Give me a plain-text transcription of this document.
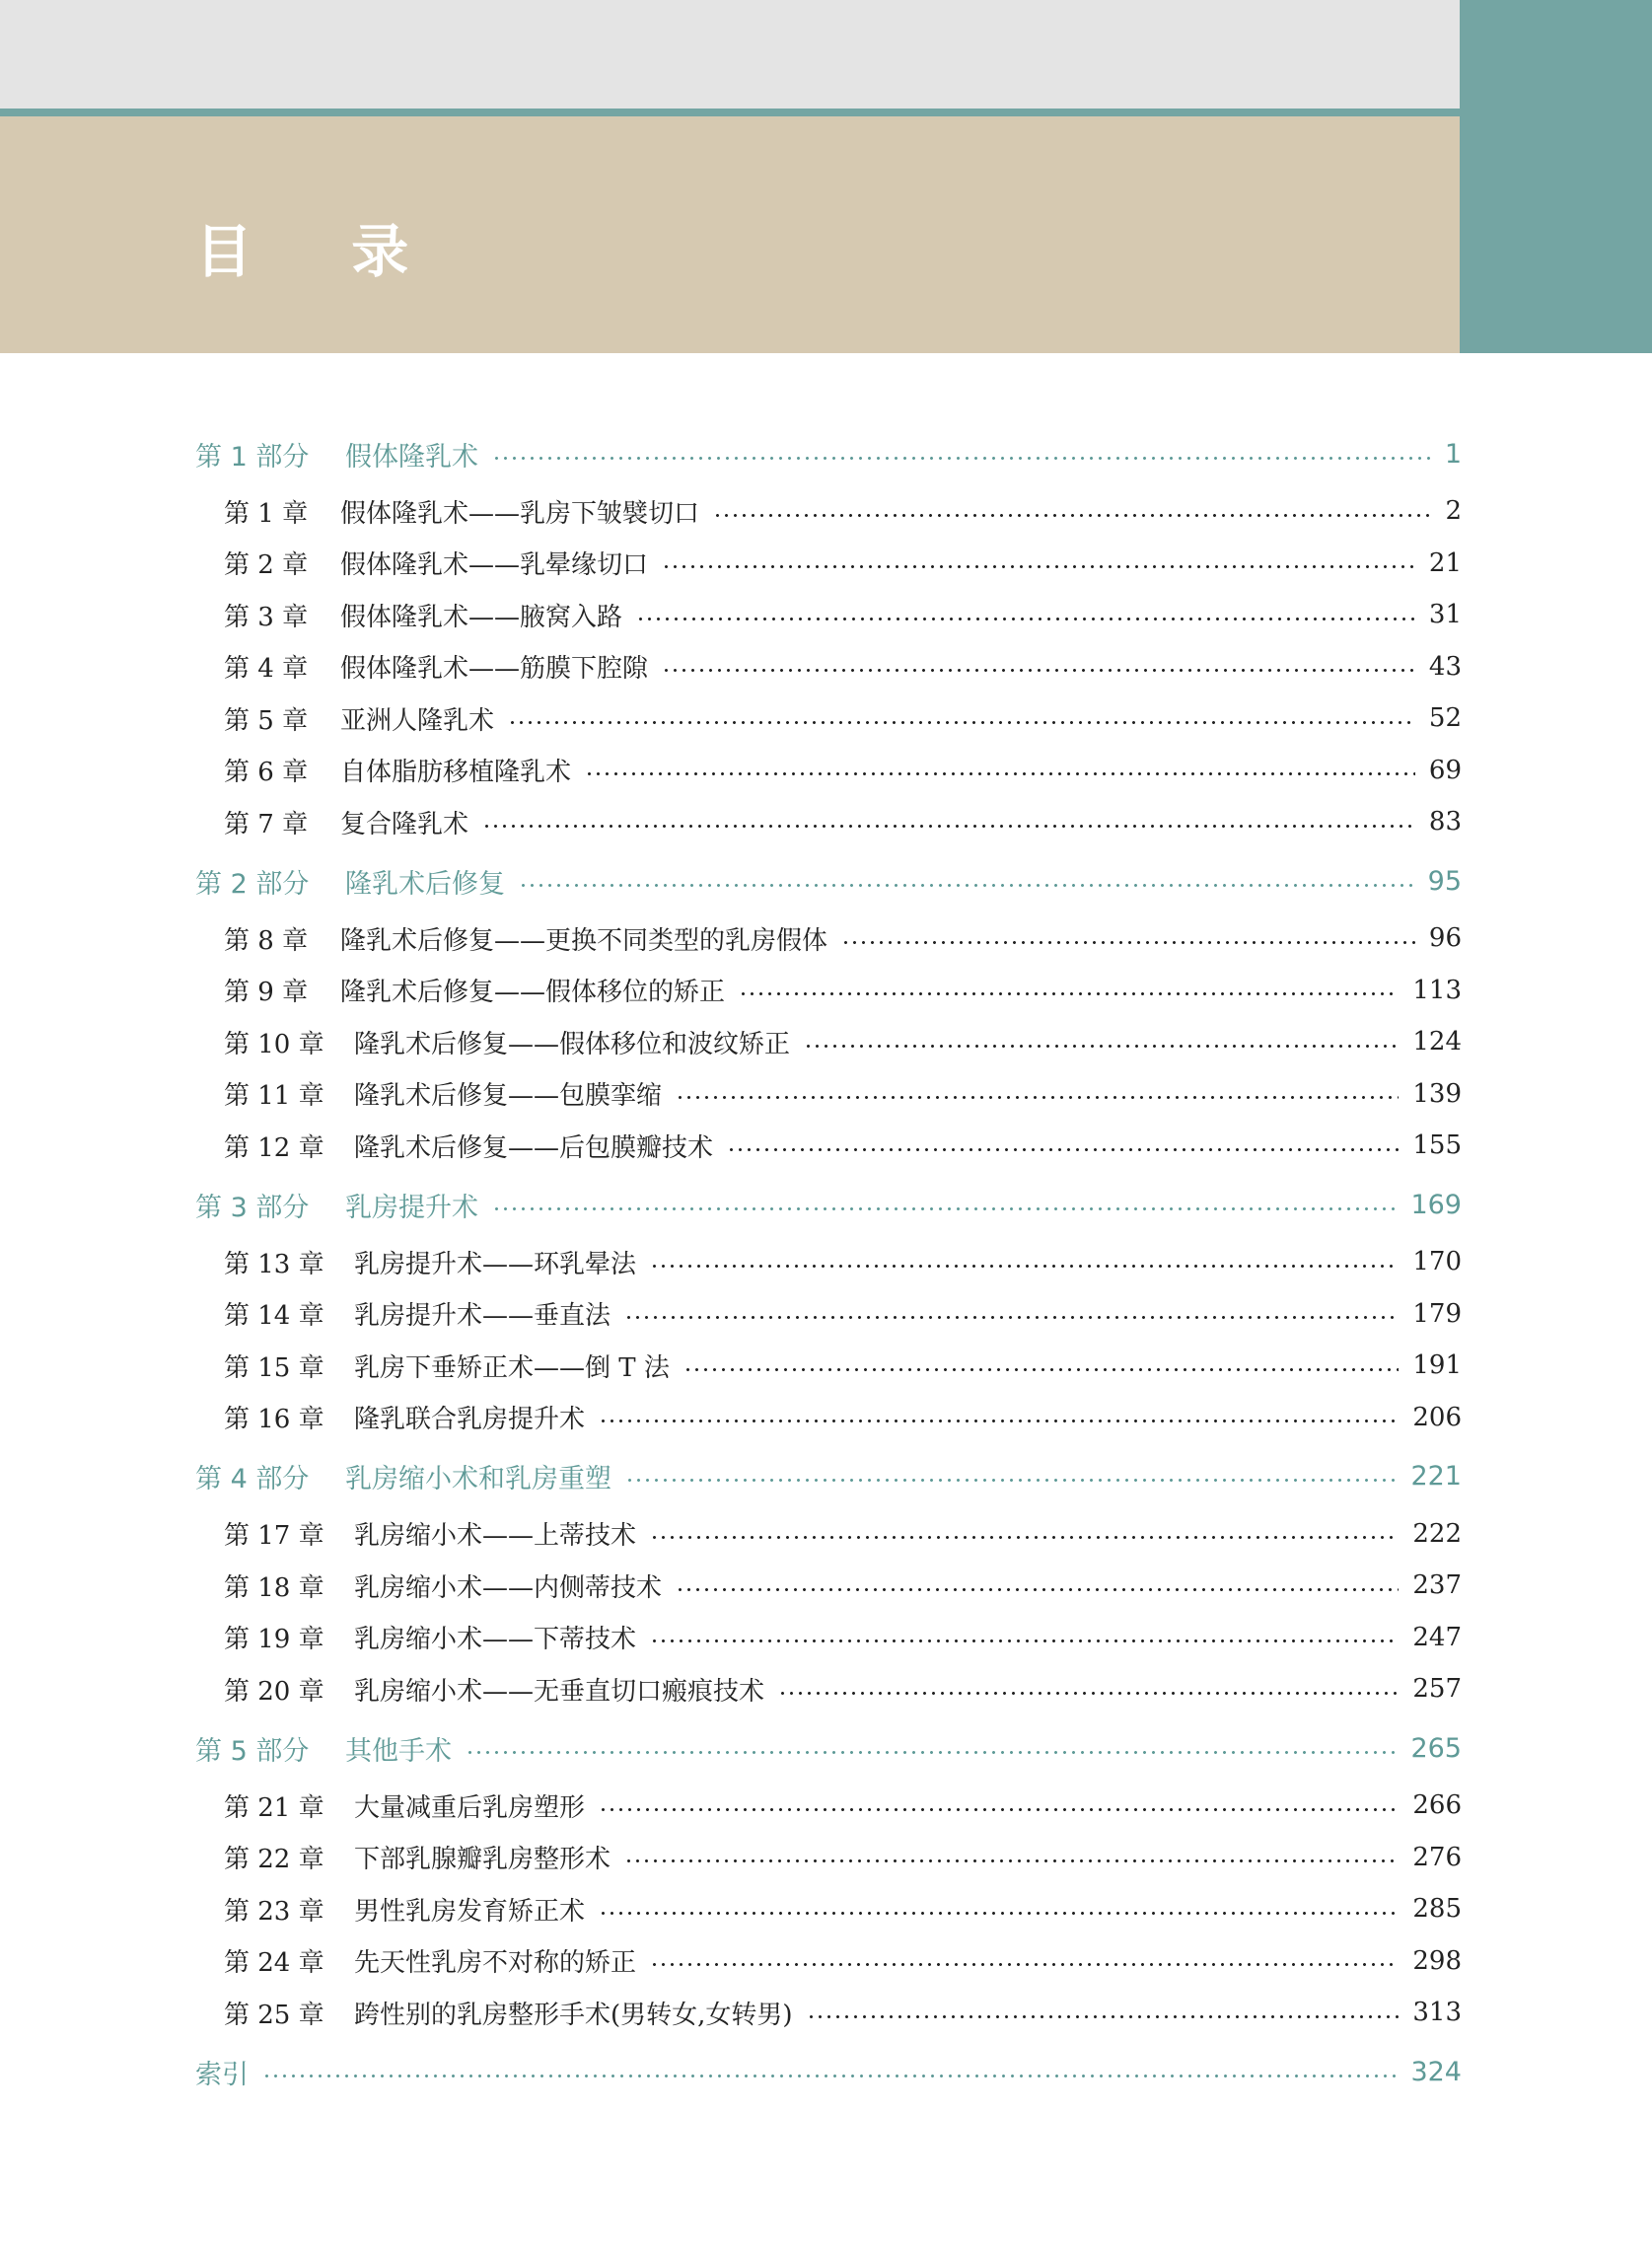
目 录
第 1 部分	假体隆乳术	1
第 1 章	假体隆乳术——乳房下皱襞切口	2
第 2 章	假体隆乳术——乳晕缘切口	21
第 3 章	假体隆乳术——腋窝入路	31
第 4 章	假体隆乳术——筋膜下腔隙	43
第 5 章	亚洲人隆乳术	52
第 6 章	自体脂肪移植隆乳术	69
第 7 章	复合隆乳术	83
第 2 部分	隆乳术后修复	95
第 8 章	隆乳术后修复——更换不同类型的乳房假体	96
第 9 章	隆乳术后修复——假体移位的矫正	113
第 10 章	隆乳术后修复——假体移位和波纹矫正	124
第 11 章	隆乳术后修复——包膜挛缩	139
第 12 章	隆乳术后修复——后包膜瓣技术	155
第 3 部分	乳房提升术	169
第 13 章	乳房提升术——环乳晕法	170
第 14 章	乳房提升术——垂直法	179
第 15 章	乳房下垂矫正术——倒 T 法	191
第 16 章	隆乳联合乳房提升术	206
第 4 部分	乳房缩小术和乳房重塑	221
第 17 章	乳房缩小术——上蒂技术	222
第 18 章	乳房缩小术——内侧蒂技术	237
第 19 章	乳房缩小术——下蒂技术	247
第 20 章	乳房缩小术——无垂直切口瘢痕技术	257
第 5 部分	其他手术	265
第 21 章	大量减重后乳房塑形	266
第 22 章	下部乳腺瓣乳房整形术	276
第 23 章	男性乳房发育矫正术	285
第 24 章	先天性乳房不对称的矫正	298
第 25 章	跨性别的乳房整形手术(男转女,女转男)	313
索引	324
